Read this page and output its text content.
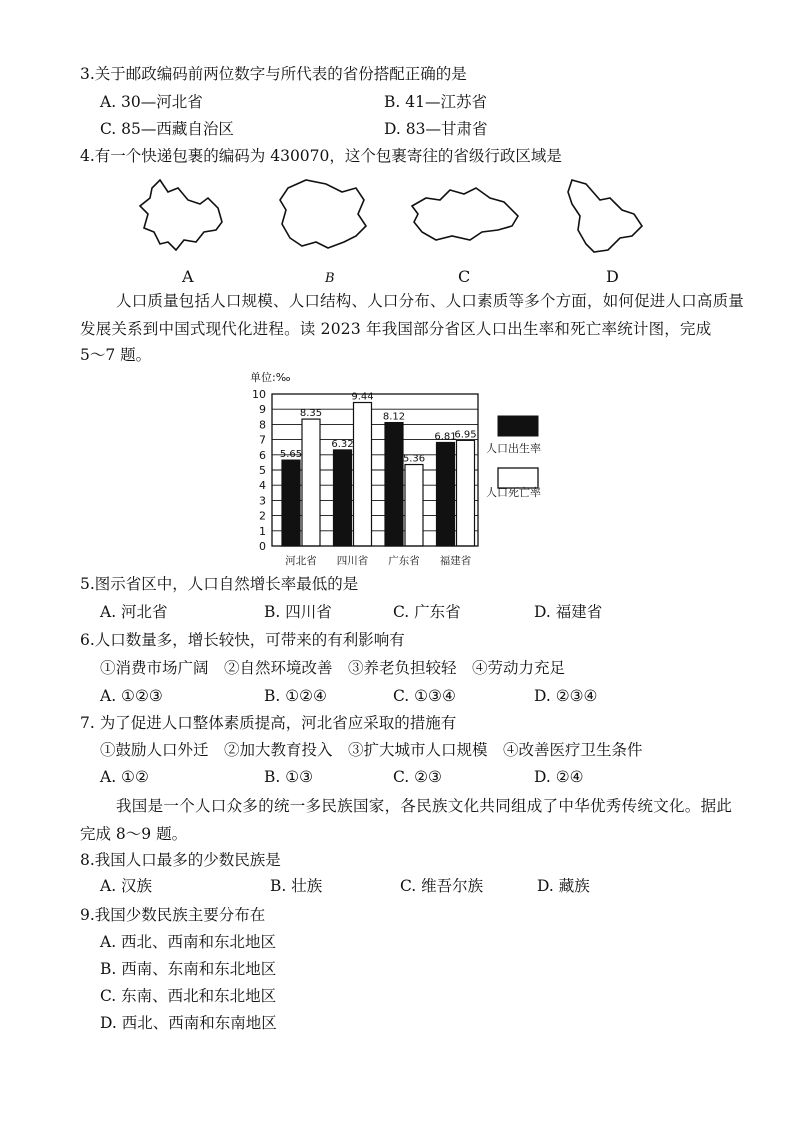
3.关于邮政编码前两位数字与所代表的省份搭配正确的是
A. 30—河北省	B. 41—江苏省
C. 85—西藏自治区	D. 83—甘肃省
4.有一个快递包裹的编码为 430070，这个包裹寄往的省级行政区域是
A	B	C	D
人口质量包括人口规模、人口结构、人口分布、人口素质等多个方面，如何促进人口高质量
发展关系到中国式现代化进程。读 2023 年我国部分省区人口出生率和死亡率统计图，完成
5～7 题。
单位:‰
0
1
2
3
4
5
6
7
8
9
10
5.65
8.35
6.32
9.44
8.12
5.36
6.81
6.95
河北省 四川省 广东省 福建省
人口出生率
人口死亡率
5.图示省区中，人口自然增长率最低的是
A. 河北省	B. 四川省	C. 广东省	D. 福建省
6.人口数量多，增长较快，可带来的有利影响有
①消费市场广阔　②自然环境改善　③养老负担较轻　④劳动力充足
A. ①②③	B. ①②④	C. ①③④	D. ②③④
7. 为了促进人口整体素质提高，河北省应采取的措施有
①鼓励人口外迁　②加大教育投入　③扩大城市人口规模　④改善医疗卫生条件
A. ①②	B. ①③	C. ②③	D. ②④
我国是一个人口众多的统一多民族国家，各民族文化共同组成了中华优秀传统文化。据此
完成 8～9 题。
8.我国人口最多的少数民族是
A. 汉族	B. 壮族	C. 维吾尔族	D. 藏族
9.我国少数民族主要分布在
A. 西北、西南和东北地区
B. 西南、东南和东北地区
C. 东南、西北和东北地区
D. 西北、西南和东南地区
